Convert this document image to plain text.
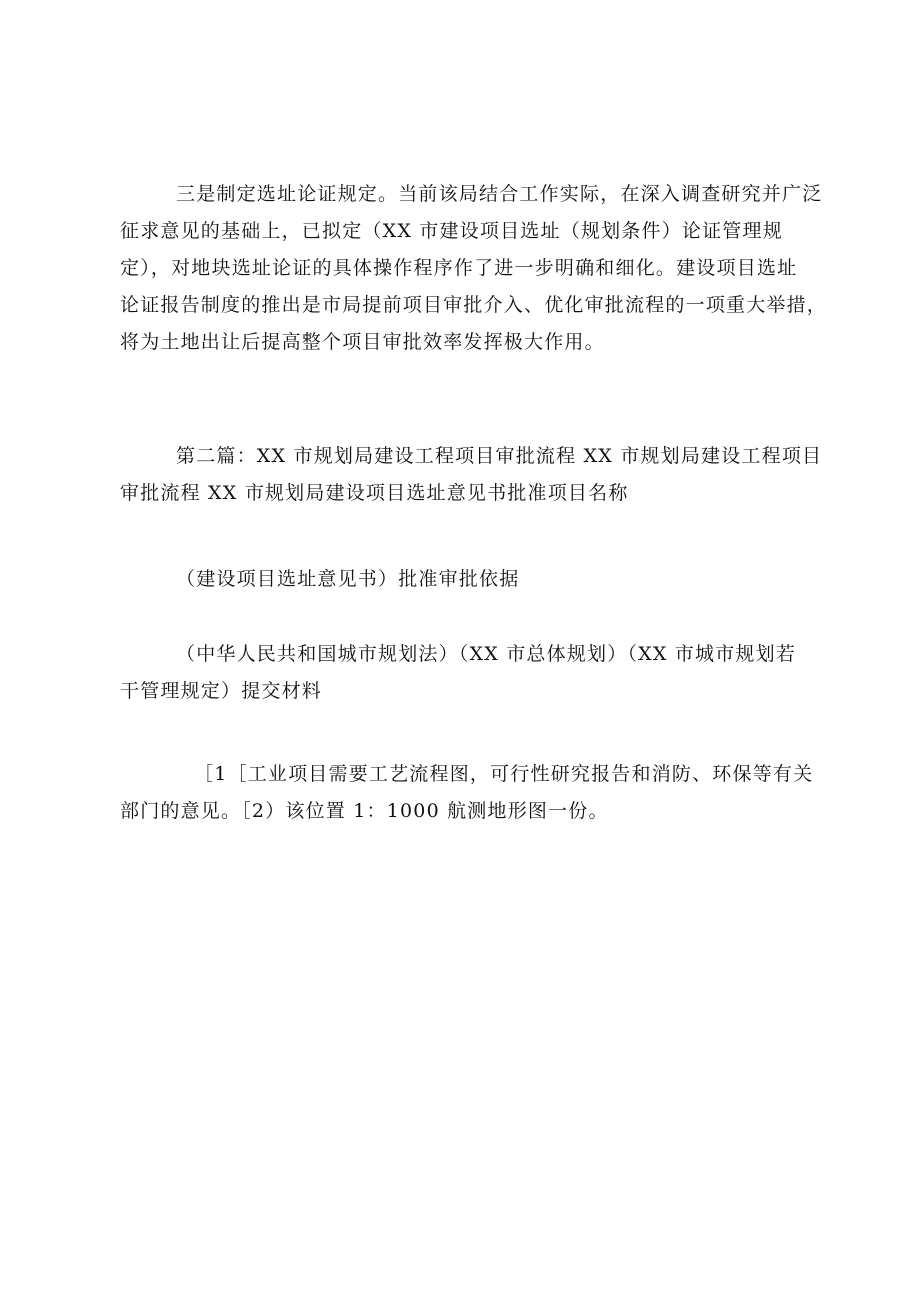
三是制定选址论证规定。当前该局结合工作实际，在深入调查研究并广泛
征求意见的基础上，已拟定（XX 市建设项目选址（规划条件）论证管理规
定），对地块选址论证的具体操作程序作了进一步明确和细化。建设项目选址
论证报告制度的推出是市局提前项目审批介入、优化审批流程的一项重大举措，
将为土地出让后提高整个项目审批效率发挥极大作用。
第二篇：XX 市规划局建设工程项目审批流程 XX 市规划局建设工程项目
审批流程 XX 市规划局建设项目选址意见书批准项目名称
（建设项目选址意见书）批准审批依据
（中华人民共和国城市规划法）（XX 市总体规划）（XX 市城市规划若
干管理规定）提交材料
［1［工业项目需要工艺流程图，可行性研究报告和消防、环保等有关
部门的意见。［2）该位置 1：1000 航测地形图一份。
